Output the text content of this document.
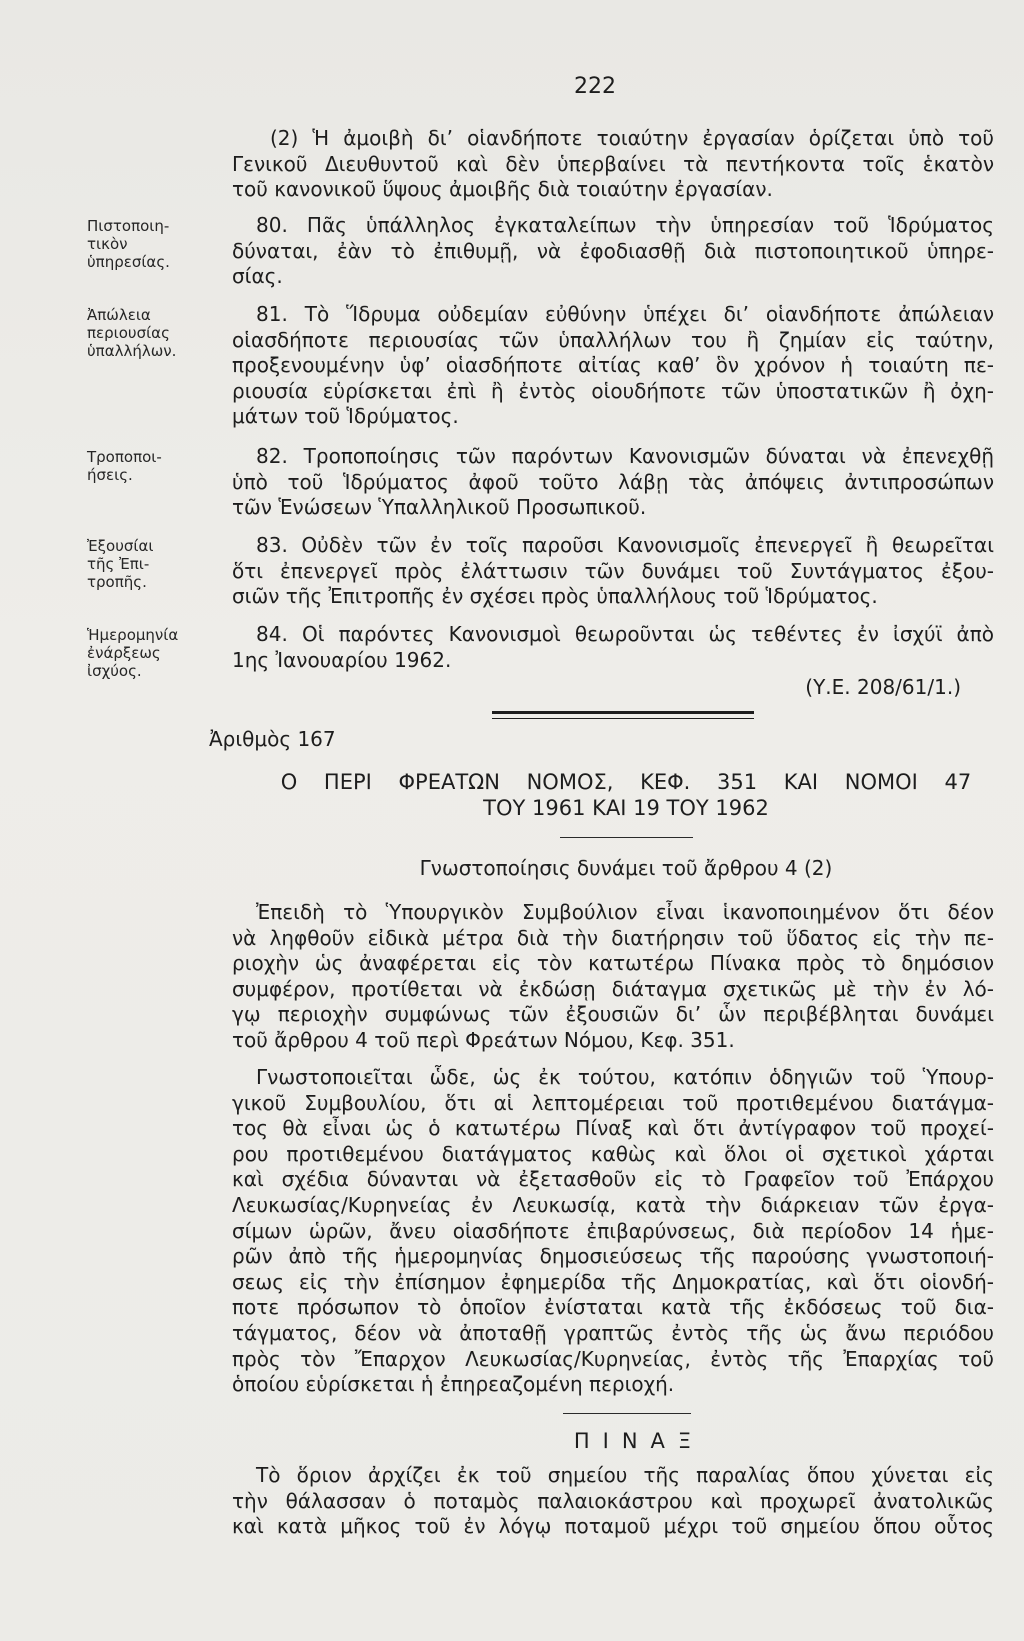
222
Πιστοποιη-
τικὸν
ὑπηρεσίας.
Ἀπώλεια
περιουσίας
ὑπαλλήλων.
Τροποποι-
ήσεις.
Ἐξουσίαι
τῆς Ἐπι-
τροπῆς.
Ἡμερομηνία
ἐνάρξεως
ἰσχύος.
(2) Ἡ ἀμοιβὴ δι’ οἱανδήποτε τοιαύτην ἐργασίαν ὁρίζεται ὑπὸ τοῦ
Γενικοῦ Διευθυντοῦ καὶ δὲν ὑπερβαίνει τὰ πεντήκοντα τοῖς ἑκατὸν
τοῦ κανονικοῦ ὕψους ἀμοιβῆς διὰ τοιαύτην ἐργασίαν.
80. Πᾶς ὑπάλληλος ἐγκαταλείπων τὴν ὑπηρεσίαν τοῦ Ἱδρύματος
δύναται, ἐὰν τὸ ἐπιθυμῇ, νὰ ἐφοδιασθῇ διὰ πιστοποιητικοῦ ὑπηρε-
σίας.
81. Τὸ Ἵδρυμα οὐδεμίαν εὐθύνην ὑπέχει δι’ οἱανδήποτε ἀπώλειαν
οἱασδήποτε περιουσίας τῶν ὑπαλλήλων του ἢ ζημίαν εἰς ταύτην,
προξενουμένην ὑφ’ οἱασδήποτε αἰτίας καθ’ ὃν χρόνον ἡ τοιαύτη πε-
ριουσία εὑρίσκεται ἐπὶ ἢ ἐντὸς οἱουδήποτε τῶν ὑποστατικῶν ἢ ὀχη-
μάτων τοῦ Ἱδρύματος.
82. Τροποποίησις τῶν παρόντων Κανονισμῶν δύναται νὰ ἐπενεχθῇ
ὑπὸ τοῦ Ἱδρύματος ἀφοῦ τοῦτο λάβῃ τὰς ἀπόψεις ἀντιπροσώπων
τῶν Ἑνώσεων Ὑπαλληλικοῦ Προσωπικοῦ.
83. Οὐδὲν τῶν ἐν τοῖς παροῦσι Κανονισμοῖς ἐπενεργεῖ ἢ θεωρεῖται
ὅτι ἐπενεργεῖ πρὸς ἐλάττωσιν τῶν δυνάμει τοῦ Συντάγματος ἐξου-
σιῶν τῆς Ἐπιτροπῆς ἐν σχέσει πρὸς ὑπαλλήλους τοῦ Ἱδρύματος.
84. Οἱ παρόντες Κανονισμοὶ θεωροῦνται ὡς τεθέντες ἐν ἰσχύϊ ἀπὸ
1ης Ἰανουαρίου 1962.
(Υ.Ε. 208/61/1.)
Ἀριθμὸς 167
Ο ΠΕΡΙ ΦΡΕΑΤΩΝ ΝΟΜΟΣ, ΚΕΦ. 351 ΚΑΙ ΝΟΜΟΙ 47
ΤΟΥ 1961 ΚΑΙ 19 ΤΟΥ 1962
Γνωστοποίησις δυνάμει τοῦ ἄρθρου 4 (2)
Ἐπειδὴ τὸ Ὑπουργικὸν Συμβούλιον εἶναι ἱκανοποιημένον ὅτι δέον
νὰ ληφθοῦν εἰδικὰ μέτρα διὰ τὴν διατήρησιν τοῦ ὕδατος εἰς τὴν πε-
ριοχὴν ὡς ἀναφέρεται εἰς τὸν κατωτέρω Πίνακα πρὸς τὸ δημόσιον
συμφέρον, προτίθεται νὰ ἐκδώσῃ διάταγμα σχετικῶς μὲ τὴν ἐν λό-
γῳ περιοχὴν συμφώνως τῶν ἐξουσιῶν δι’ ὧν περιβέβληται δυνάμει
τοῦ ἄρθρου 4 τοῦ περὶ Φρεάτων Νόμου, Κεφ. 351.
Γνωστοποιεῖται ὧδε, ὡς ἐκ τούτου, κατόπιν ὁδηγιῶν τοῦ Ὑπουρ-
γικοῦ Συμβουλίου, ὅτι αἱ λεπτομέρειαι τοῦ προτιθεμένου διατάγμα-
τος θὰ εἶναι ὡς ὁ κατωτέρω Πίναξ καὶ ὅτι ἀντίγραφον τοῦ προχεί-
ρου προτιθεμένου διατάγματος καθὼς καὶ ὅλοι οἱ σχετικοὶ χάρται
καὶ σχέδια δύνανται νὰ ἐξετασθοῦν εἰς τὸ Γραφεῖον τοῦ Ἐπάρχου
Λευκωσίας/Κυρηνείας ἐν Λευκωσίᾳ, κατὰ τὴν διάρκειαν τῶν ἐργα-
σίμων ὡρῶν, ἄνευ οἱασδήποτε ἐπιβαρύνσεως, διὰ περίοδον 14 ἡμε-
ρῶν ἀπὸ τῆς ἡμερομηνίας δημοσιεύσεως τῆς παρούσης γνωστοποιή-
σεως εἰς τὴν ἐπίσημον ἐφημερίδα τῆς Δημοκρατίας, καὶ ὅτι οἱονδή-
ποτε πρόσωπον τὸ ὁποῖον ἐνίσταται κατὰ τῆς ἐκδόσεως τοῦ δια-
τάγματος, δέον νὰ ἀποταθῇ γραπτῶς ἐντὸς τῆς ὡς ἄνω περιόδου
πρὸς τὸν Ἔπαρχον Λευκωσίας/Κυρηνείας, ἐντὸς τῆς Ἐπαρχίας τοῦ
ὁποίου εὑρίσκεται ἡ ἐπηρεαζομένη περιοχή.
ΠΙΝΑΞ
Τὸ ὅριον ἀρχίζει ἐκ τοῦ σημείου τῆς παραλίας ὅπου χύνεται εἰς
τὴν θάλασσαν ὁ ποταμὸς παλαιοκάστρου καὶ προχωρεῖ ἀνατολικῶς
καὶ κατὰ μῆκος τοῦ ἐν λόγῳ ποταμοῦ μέχρι τοῦ σημείου ὅπου οὗτος
